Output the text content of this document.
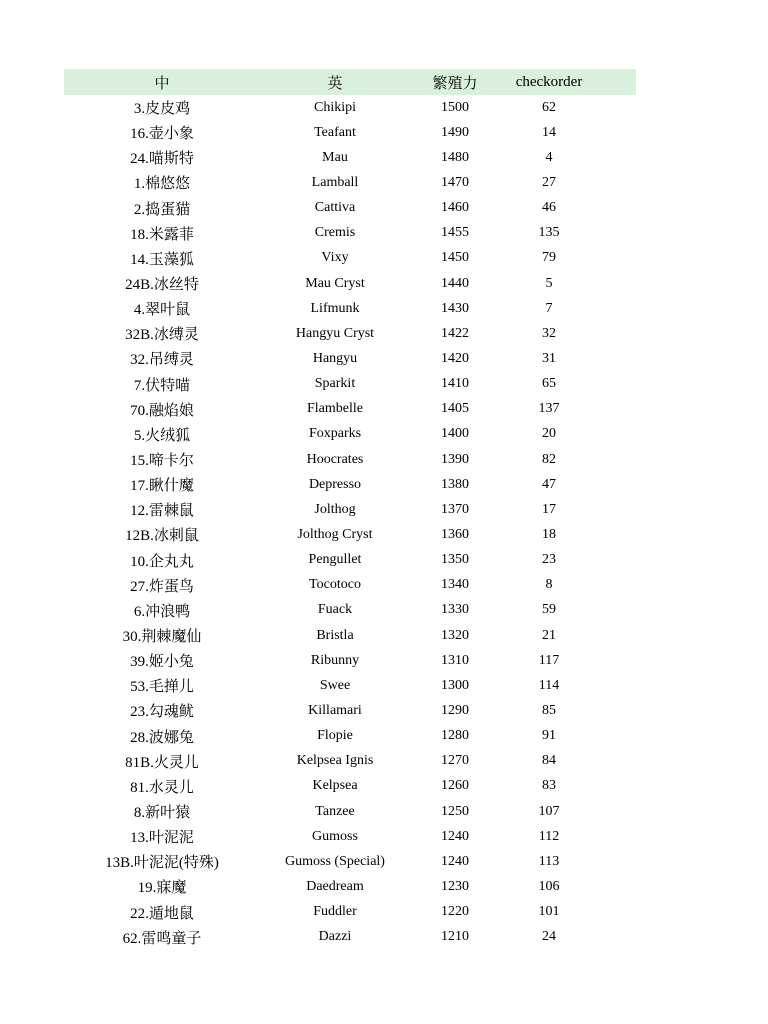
中	英	繁殖力	checkorder
3.皮皮鸡	Chikipi	1500	62
16.壶小象	Teafant	1490	14
24.喵斯特	Mau	1480	4
1.棉悠悠	Lamball	1470	27
2.捣蛋猫	Cattiva	1460	46
18.米露菲	Cremis	1455	135
14.玉藻狐	Vixy	1450	79
24B.冰丝特	Mau Cryst	1440	5
4.翠叶鼠	Lifmunk	1430	7
32B.冰缚灵	Hangyu Cryst	1422	32
32.吊缚灵	Hangyu	1420	31
7.伏特喵	Sparkit	1410	65
70.融焰娘	Flambelle	1405	137
5.火绒狐	Foxparks	1400	20
15.啼卡尔	Hoocrates	1390	82
17.瞅什魔	Depresso	1380	47
12.雷棘鼠	Jolthog	1370	17
12B.冰刺鼠	Jolthog Cryst	1360	18
10.企丸丸	Pengullet	1350	23
27.炸蛋鸟	Tocotoco	1340	8
6.冲浪鸭	Fuack	1330	59
30.荆棘魔仙	Bristla	1320	21
39.姬小兔	Ribunny	1310	117
53.毛掸儿	Swee	1300	114
23.勾魂鱿	Killamari	1290	85
28.波娜兔	Flopie	1280	91
81B.火灵儿	Kelpsea Ignis	1270	84
81.水灵儿	Kelpsea	1260	83
8.新叶猿	Tanzee	1250	107
13.叶泥泥	Gumoss	1240	112
13B.叶泥泥(特殊)	Gumoss (Special)	1240	113
19.寐魔	Daedream	1230	106
22.遁地鼠	Fuddler	1220	101
62.雷鸣童子	Dazzi	1210	24
